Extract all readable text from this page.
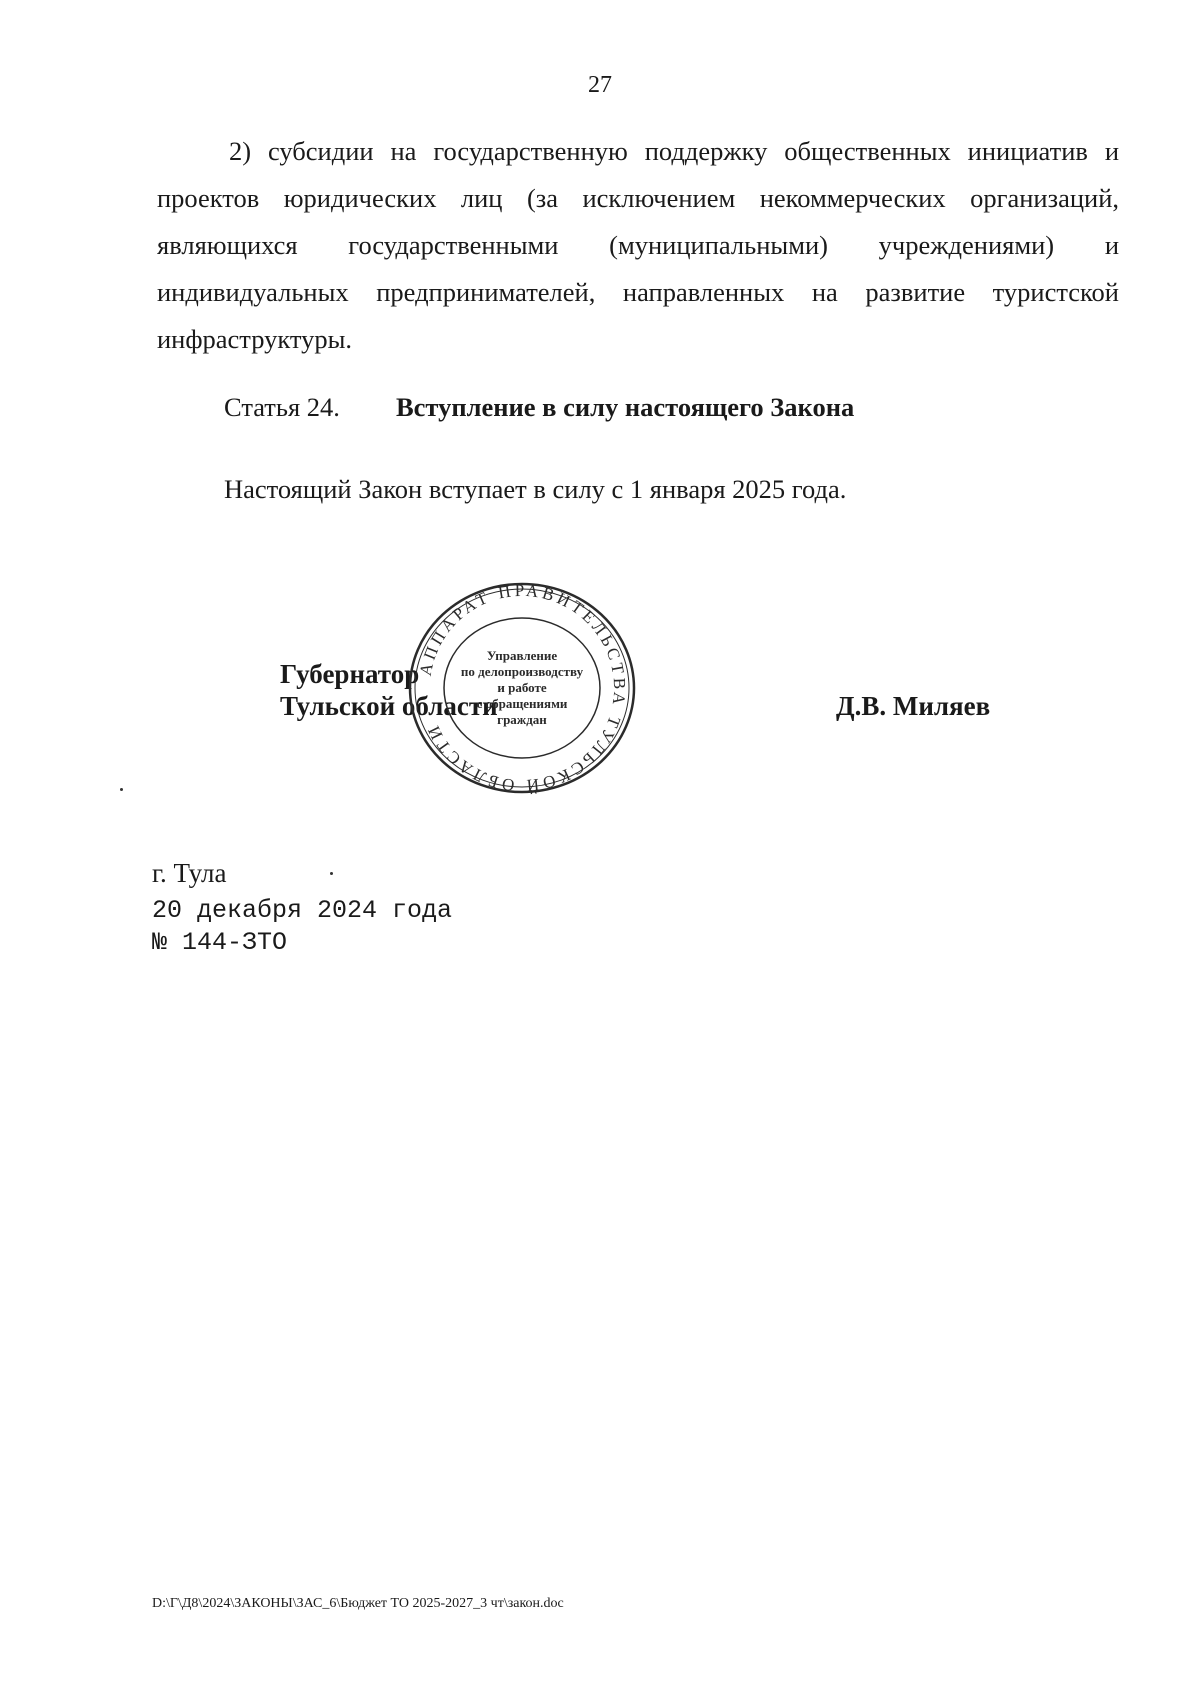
27
2) субсидии на государственную поддержку общественных инициатив и проектов юридических лиц (за исключением некоммерческих организаций, являющихся государственными (муниципальными) учреждениями) и индивидуальных предпринимателей, направленных на развитие туристской инфраструктуры.
Статья 24. Вступление в силу настоящего Закона
Настоящий Закон вступает в силу с 1 января 2025 года.
Губернатор
Тульской области	Д.В. Миляев
АППАРАТ ПРАВИТЕЛЬСТВА ТУЛЬСКОЙ ОБЛАСТИ
Управление
по делопроизводству
и работе
с обращениями
граждан
г. Тула
20 декабря 2024 года
№ 144-ЗТО
D:\Г\Д8\2024\ЗАКОНЫ\ЗАС_6\Бюджет ТО 2025-2027_3 чт\закон.doc
